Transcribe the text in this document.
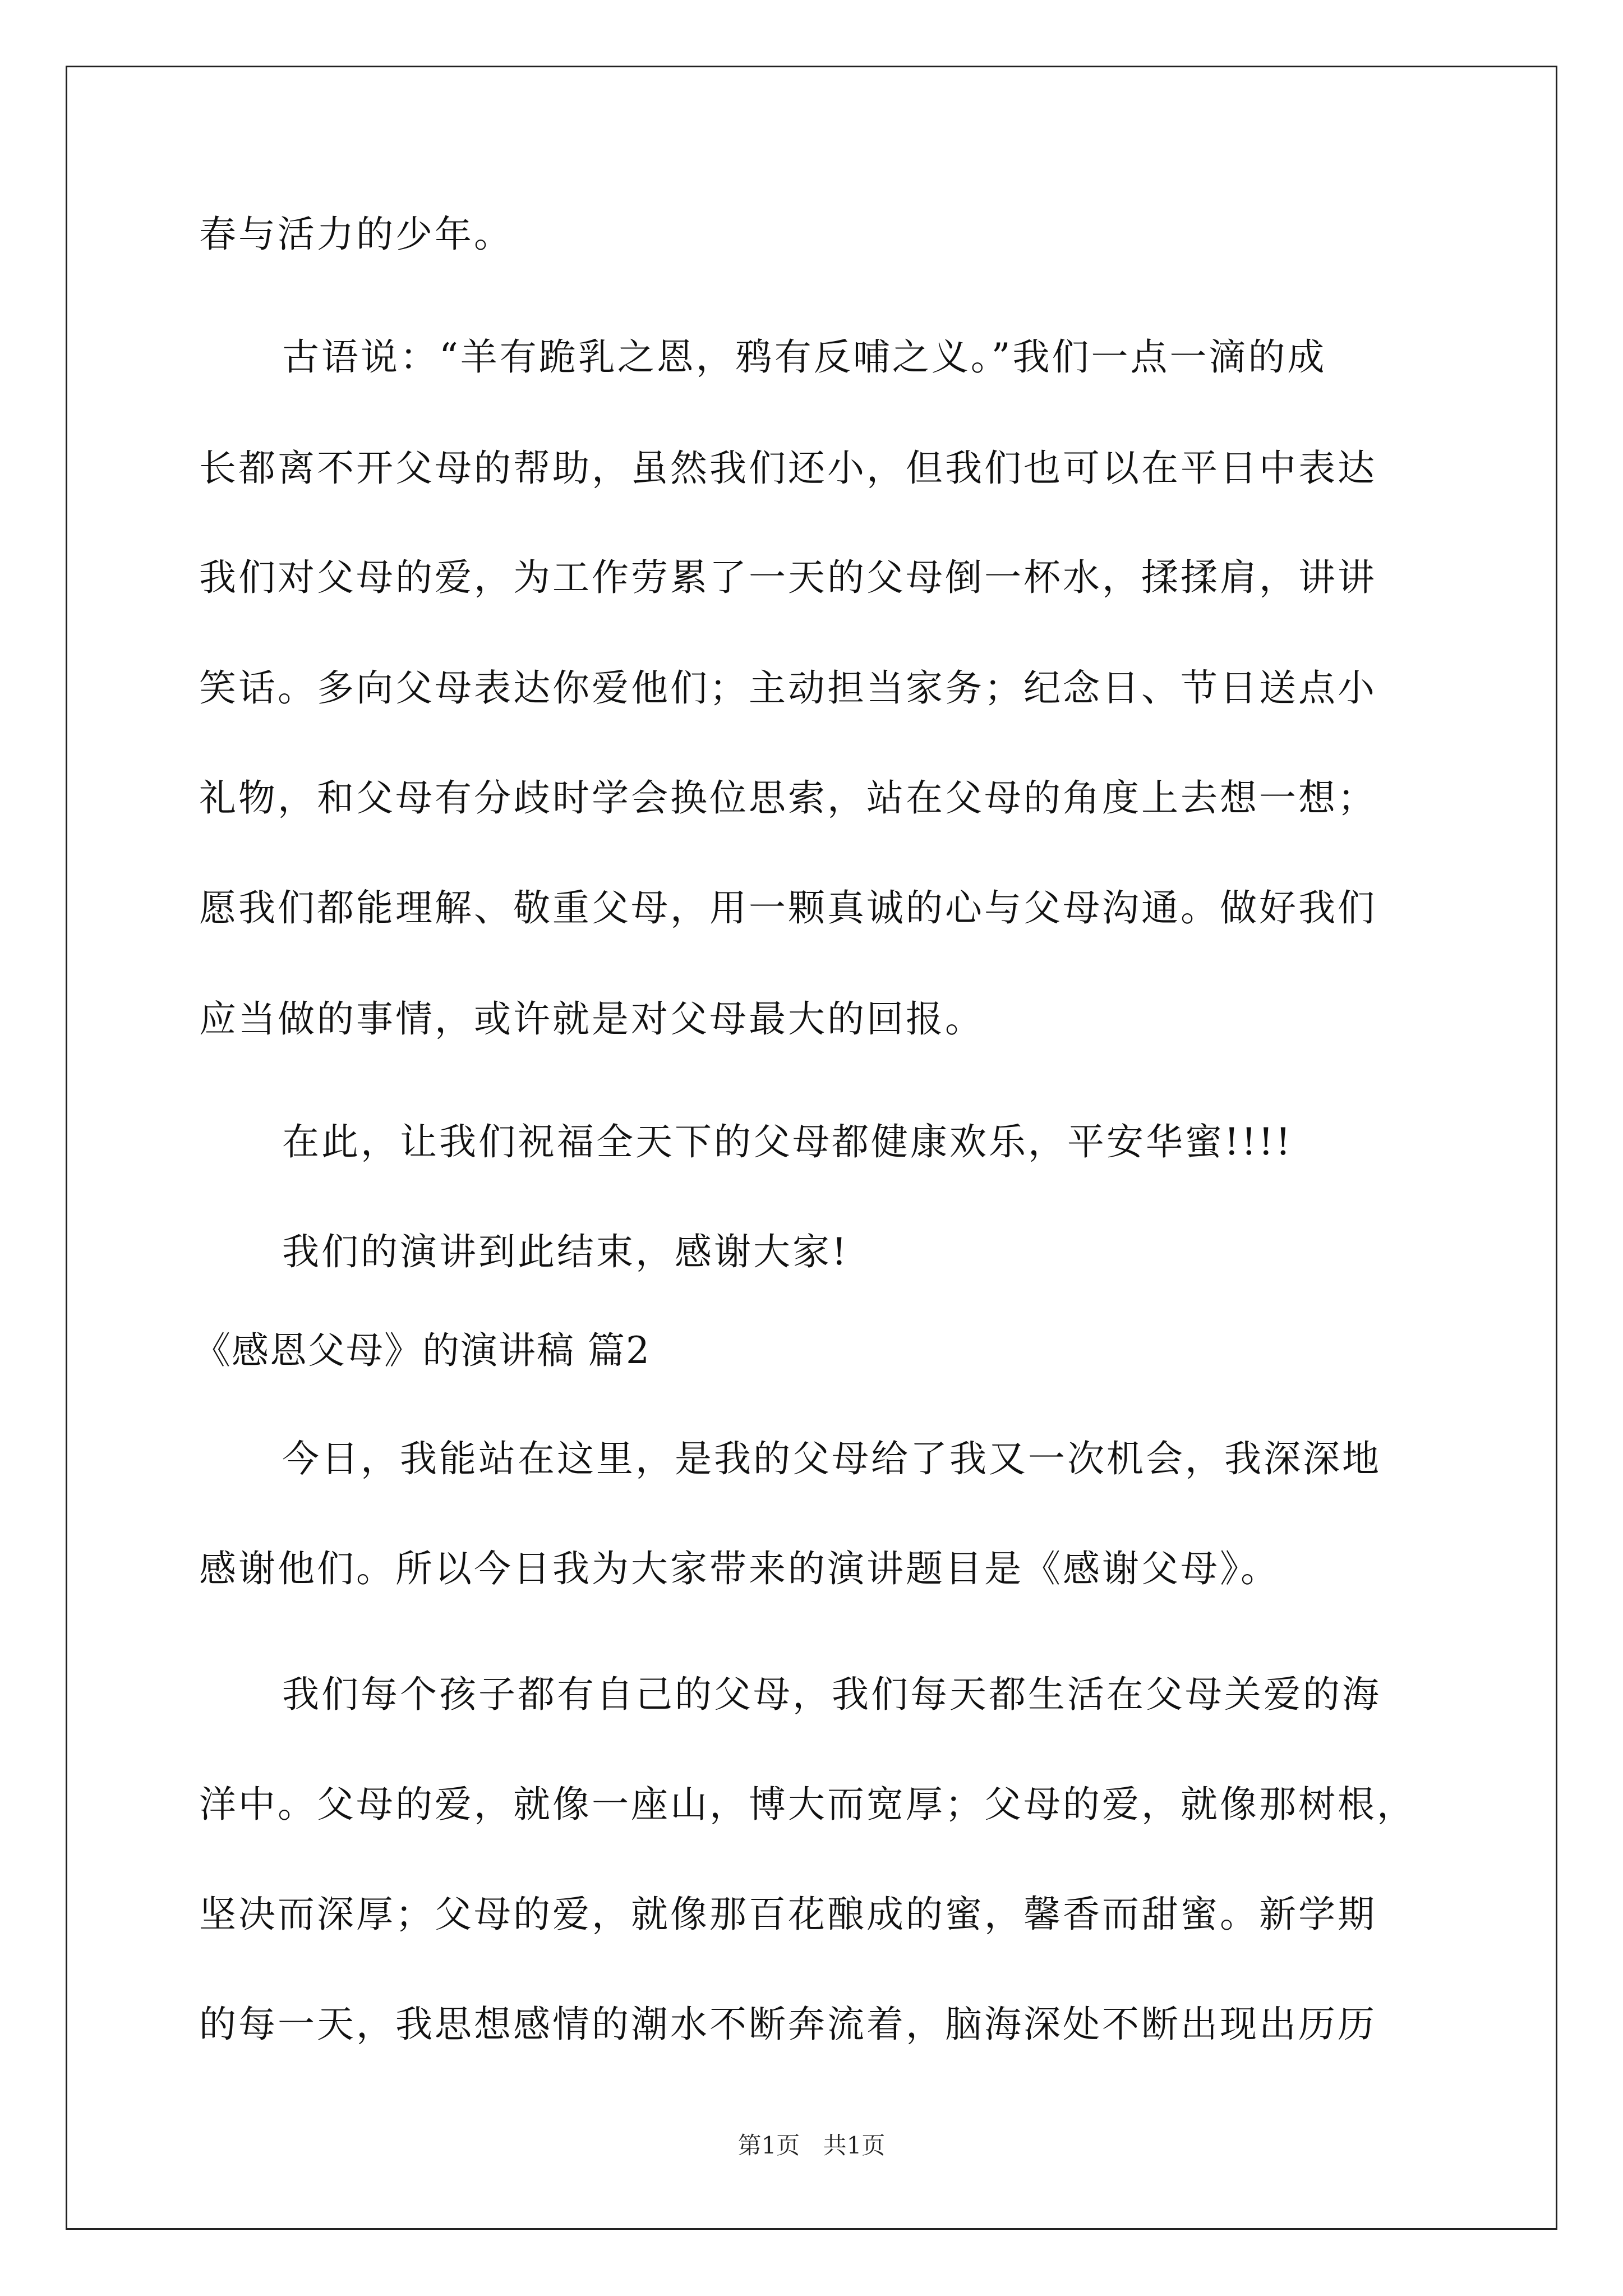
春与活力的少年。
古语说：“羊有跪乳之恩，鸦有反哺之义。”我们一点一滴的成
长都离不开父母的帮助，虽然我们还小，但我们也可以在平日中表达
我们对父母的爱，为工作劳累了一天的父母倒一杯水，揉揉肩，讲讲
笑话。多向父母表达你爱他们；主动担当家务；纪念日、节日送点小
礼物，和父母有分歧时学会换位思索，站在父母的角度上去想一想；
愿我们都能理解、敬重父母，用一颗真诚的心与父母沟通。做好我们
应当做的事情，或许就是对父母最大的回报。
在此，让我们祝福全天下的父母都健康欢乐，平安华蜜!!!!
我们的演讲到此结束，感谢大家!
《感恩父母》的演讲稿 篇2
今日，我能站在这里，是我的父母给了我又一次机会，我深深地
感谢他们。所以今日我为大家带来的演讲题目是《感谢父母》。
我们每个孩子都有自己的父母，我们每天都生活在父母关爱的海
洋中。父母的爱，就像一座山，博大而宽厚；父母的爱，就像那树根，
坚决而深厚；父母的爱，就像那百花酿成的蜜，馨香而甜蜜。新学期
的每一天，我思想感情的潮水不断奔流着，脑海深处不断出现出历历
第1页 共1页
